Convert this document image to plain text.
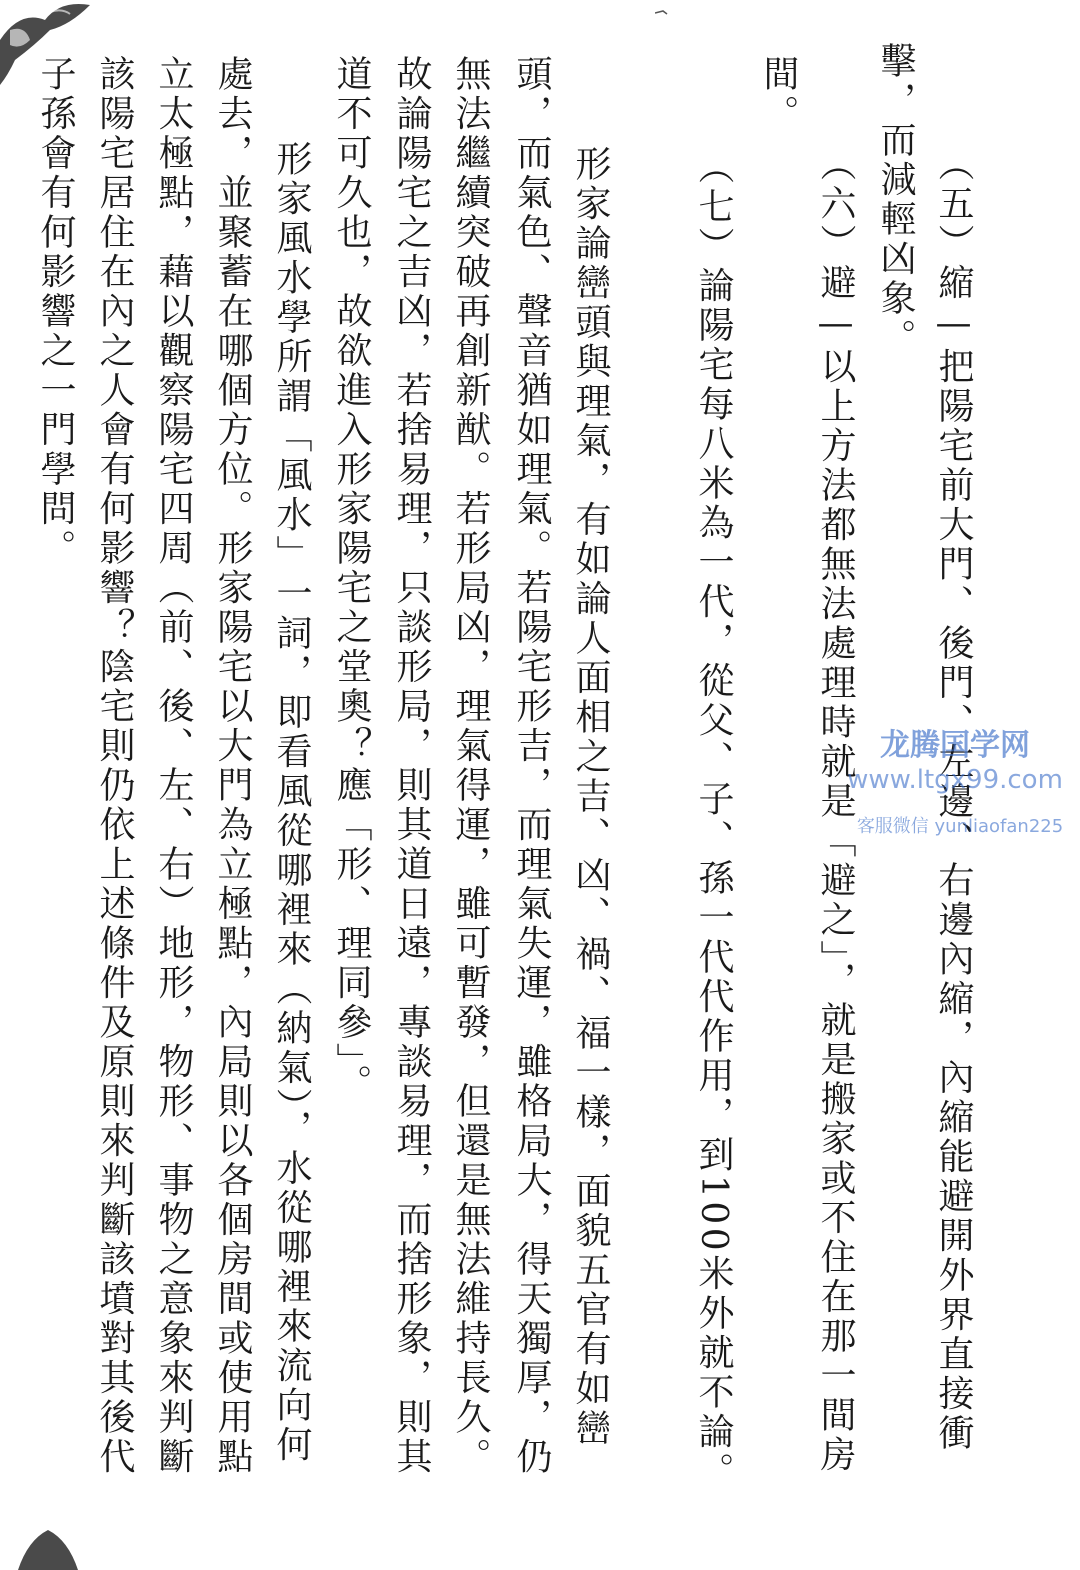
擊，而減輕凶象。 （五）縮—把陽宅前大門、後門、左邊、右邊內縮，內縮能避開外界直接衝
（六）避—以上方法都無法處理時就是「避之」，就是搬家或不住在那一間房
間。
（七）論陽宅每八米為一代，從父、子、孫一代代作用，到100米外就不論。
形家論巒頭與理氣，有如論人面相之吉、凶、禍、福一樣，面貌五官有如巒
頭，而氣色、聲音猶如理氣。若陽宅形吉，而理氣失運，雖格局大，得天獨厚，仍
無法繼續突破再創新猷。若形局凶，理氣得運，雖可暫發，但還是無法維持長久。
故論陽宅之吉凶，若捨易理，只談形局，則其道日遠，專談易理，而捨形象，則其
道不可久也，故欲進入形家陽宅之堂奧？應「形、理同參」。
形家風水學所謂「風水」一詞，即看風從哪裡來（納氣），水從哪裡來流向何
處去，並聚蓄在哪個方位。形家陽宅以大門為立極點，內局則以各個房間或使用點
立太極點，藉以觀察陽宅四周（前、後、左、右）地形，物形、事物之意象來判斷
該陽宅居住在內之人會有何影響？陰宅則仍依上述條件及原則來判斷該墳對其後代
子孫會有何影響之一門學問。
龙腾国学网
www.ltgx99.com
客服微信 yunliaofan225
